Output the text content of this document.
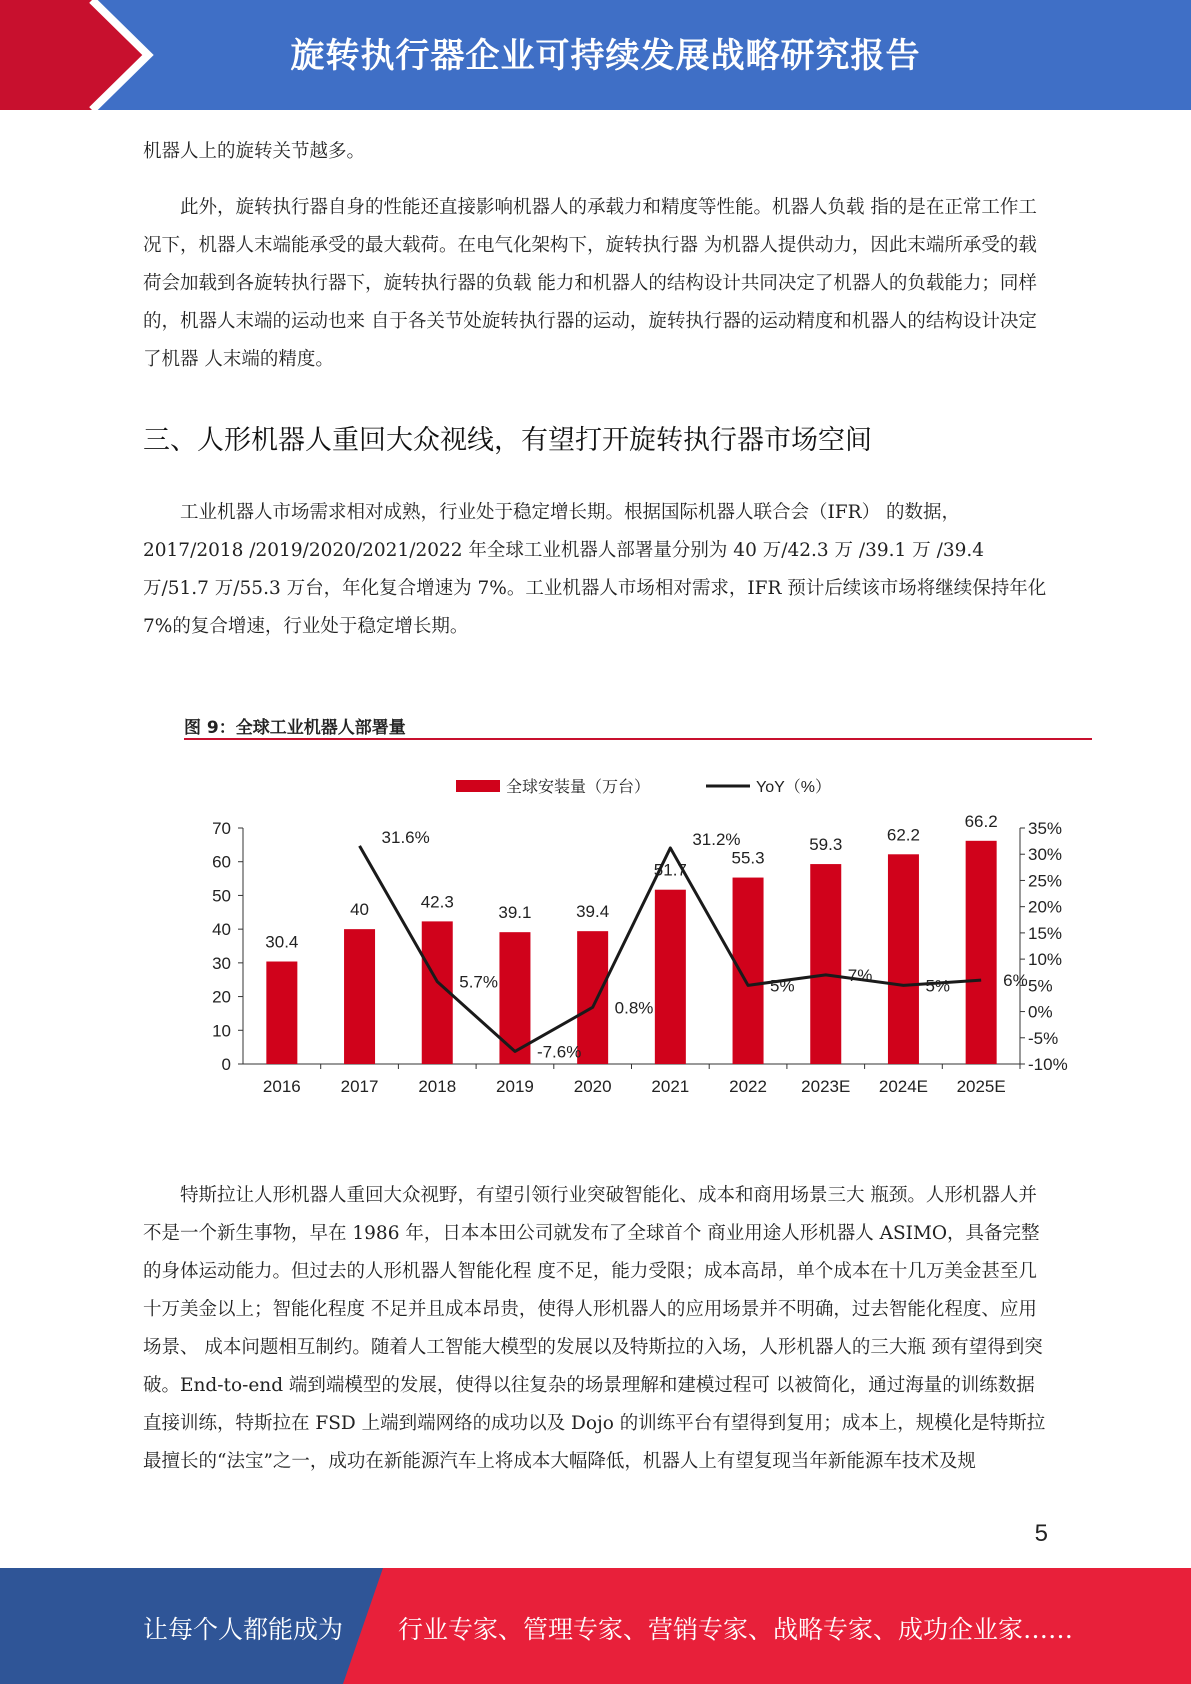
旋转执行器企业可持续发展战略研究报告

机器人上的旋转关节越多。

此外，旋转执行器自身的性能还直接影响机器人的承载力和精度等性能。机器人负载 指的是在正常工作工况下，机器人末端能承受的最大载荷。在电气化架构下，旋转执行器 为机器人提供动力，因此末端所承受的载荷会加载到各旋转执行器下，旋转执行器的负载 能力和机器人的结构设计共同决定了机器人的负载能力；同样的，机器人末端的运动也来 自于各关节处旋转执行器的运动，旋转执行器的运动精度和机器人的结构设计决定了机器 人末端的精度。

三、人形机器人重回大众视线，有望打开旋转执行器市场空间

工业机器人市场需求相对成熟，行业处于稳定增长期。根据国际机器人联合会（IFR） 的数据，2017/2018 /2019/2020/2021/2022 年全球工业机器人部署量分别为 40 万/42.3 万 /39.1 万 /39.4 万/51.7 万/55.3 万台，年化复合增速为 7%。工业机器人市场相对需求，IFR 预计后续该市场将继续保持年化 7%的复合增速，行业处于稳定增长期。

图 9：全球工业机器人部署量
全球安装量（万台）	YoY（%）
0
10
20
30
40
50
60
70
-10%
-5%
0%
5%
10%
15%
20%
25%
30%
35%
30.4
2016
40
2017
42.3
2018
39.1
2019
39.4
2020
51.7
2021
55.3
2022
59.3
2023E
62.2
2024E
66.2
2025E
31.6%
5.7%
-7.6%
0.8%
31.2%
5%
7%
5%	6%

特斯拉让人形机器人重回大众视野，有望引领行业突破智能化、成本和商用场景三大 瓶颈。人形机器人并不是一个新生事物，早在 1986 年，日本本田公司就发布了全球首个 商业用途人形机器人 ASIMO，具备完整的身体运动能力。但过去的人形机器人智能化程 度不足，能力受限；成本高昂，单个成本在十几万美金甚至几十万美金以上；智能化程度 不足并且成本昂贵，使得人形机器人的应用场景并不明确，过去智能化程度、应用场景、 成本问题相互制约。随着人工智能大模型的发展以及特斯拉的入场，人形机器人的三大瓶 颈有望得到突破。End-to-end 端到端模型的发展，使得以往复杂的场景理解和建模过程可 以被简化，通过海量的训练数据直接训练，特斯拉在 FSD 上端到端网络的成功以及 Dojo 的训练平台有望得到复用；成本上，规模化是特斯拉最擅长的“法宝”之一，成功在新能源汽车上将成本大幅降低，机器人上有望复现当年新能源车技术及规

5
让每个人都能成为 行业专家、管理专家、营销专家、战略专家、成功企业家……
